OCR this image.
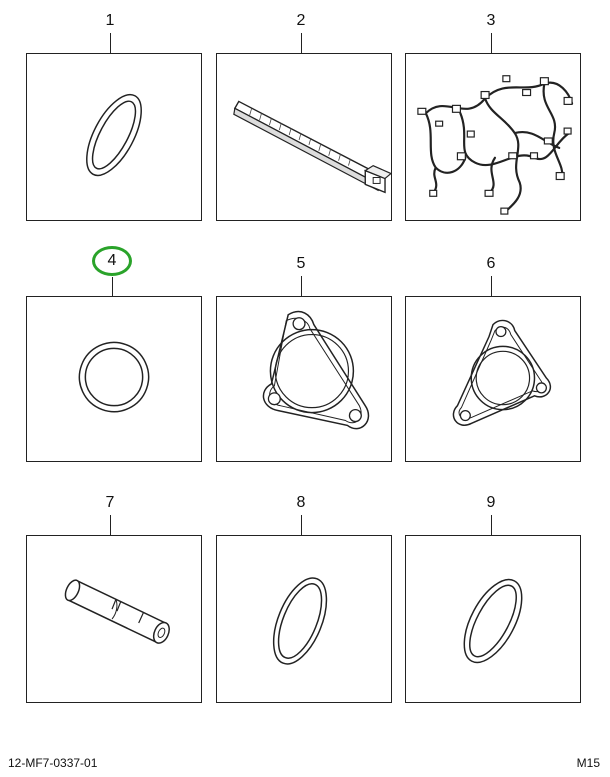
1	2	3
4	5	6
7	8	9
12-MF7-0337-01	M15
